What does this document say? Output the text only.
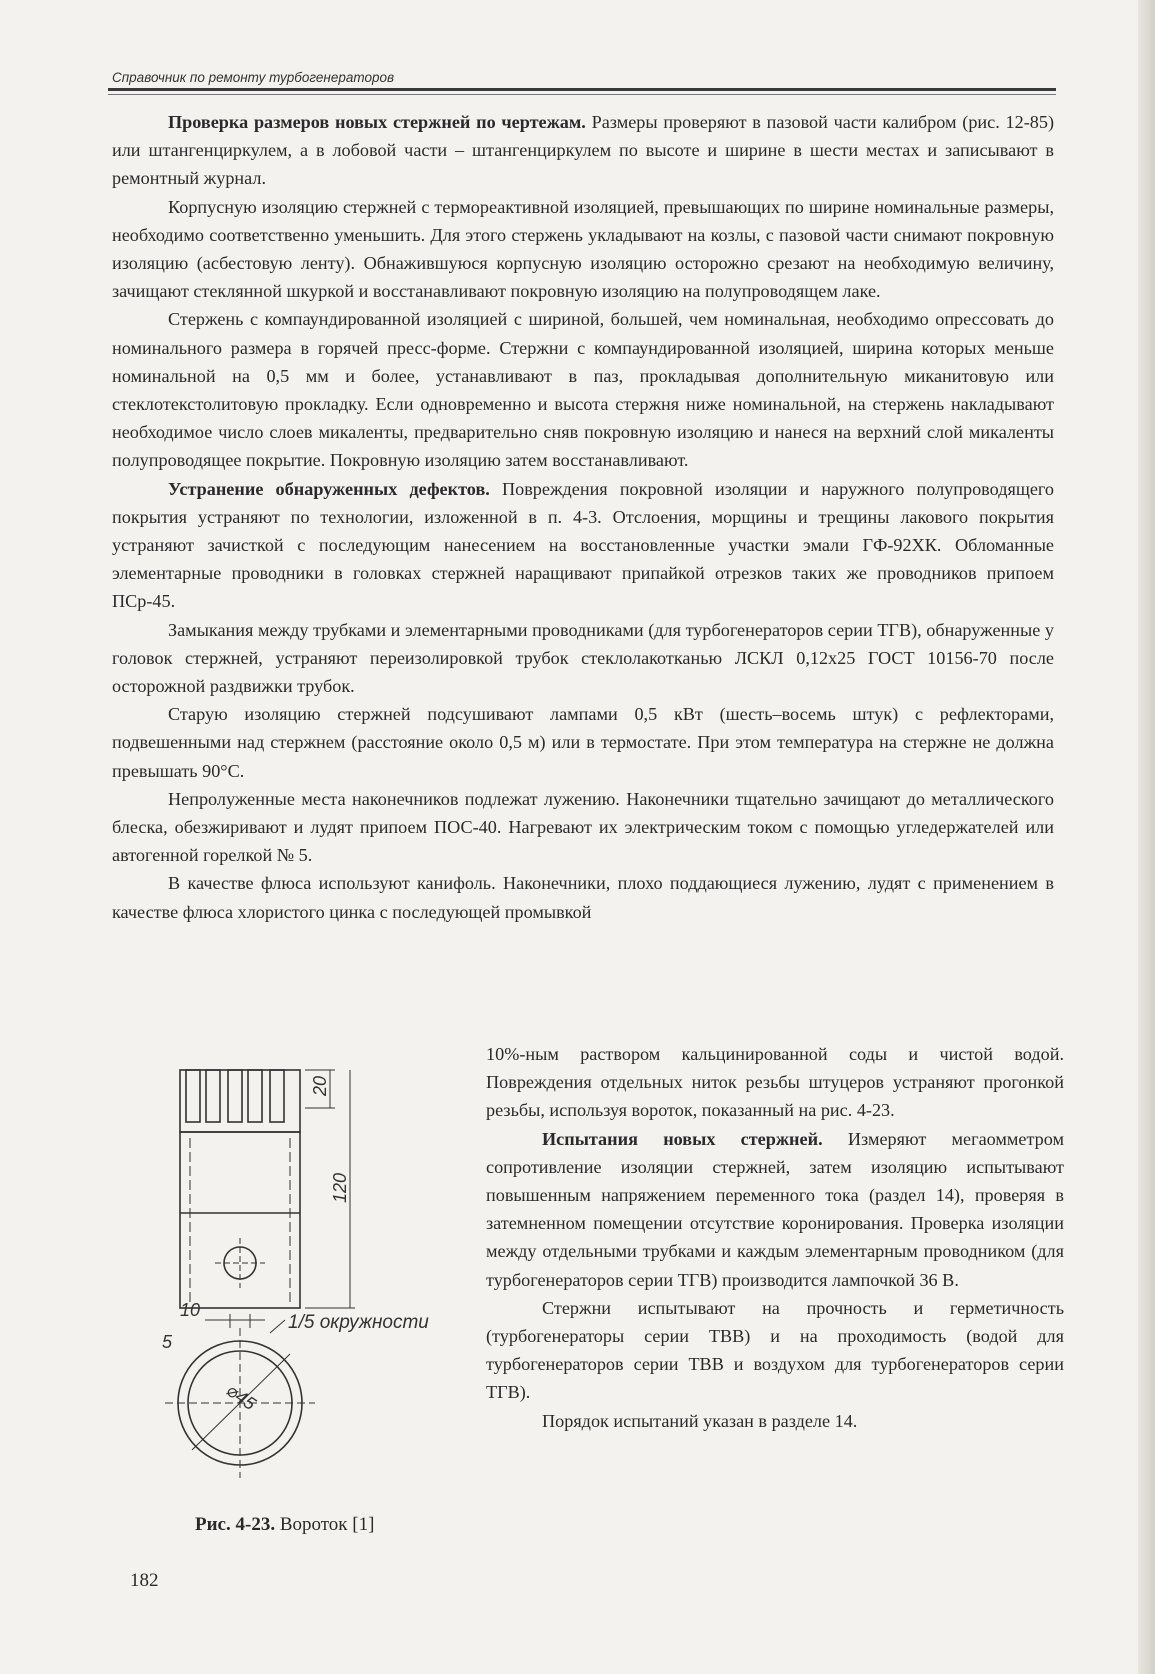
Справочник по ремонту турбогенераторов

Проверка размеров новых стержней по чертежам. Размеры проверяют в пазовой части калибром (рис. 12-85) или штангенциркулем, а в лобовой части – штангенциркулем по высоте и ширине в шести местах и записывают в ремонтный журнал.

Корпусную изоляцию стержней с термореактивной изоляцией, превышающих по ширине номинальные размеры, необходимо соответственно уменьшить. Для этого стержень укладывают на козлы, с пазовой части снимают покровную изоляцию (асбестовую ленту). Обнажившуюся корпусную изоляцию осторожно срезают на необходимую величину, зачищают стеклянной шкуркой и восстанавливают покровную изоляцию на полупроводящем лаке.

Стержень с компаундированной изоляцией с шириной, большей, чем номинальная, необходимо опрессовать до номинального размера в горячей пресс-форме. Стержни с компаундированной изоляцией, ширина которых меньше номинальной на 0,5 мм и более, устанавливают в паз, прокладывая дополнительную миканитовую или стеклотекстолитовую прокладку. Если одновременно и высота стержня ниже номинальной, на стержень накладывают необходимое число слоев микаленты, предварительно сняв покровную изоляцию и нанеся на верхний слой микаленты полупроводящее покрытие. Покровную изоляцию затем восстанавливают.

Устранение обнаруженных дефектов. Повреждения покровной изоляции и наружного полупроводящего покрытия устраняют по технологии, изложенной в п. 4-3. Отслоения, морщины и трещины лакового покрытия устраняют зачисткой с последующим нанесением на восстановленные участки эмали ГФ-92ХК. Обломанные элементарные проводники в головках стержней наращивают припайкой отрезков таких же проводников припоем ПСр-45.

Замыкания между трубками и элементарными проводниками (для турбогенераторов серии ТГВ), обнаруженные у головок стержней, устраняют переизолировкой трубок стеклолакотканью ЛСКЛ 0,12х25 ГОСТ 10156-70 после осторожной раздвижки трубок.

Старую изоляцию стержней подсушивают лампами 0,5 кВт (шесть–восемь штук) с рефлекторами, подвешенными над стержнем (расстояние около 0,5 м) или в термостате. При этом температура на стержне не должна превышать 90°С.

Непролуженные места наконечников подлежат лужению. Наконечники тщательно зачищают до металлического блеска, обезжиривают и лудят припоем ПОС-40. Нагревают их электрическим током с помощью угледержателей или автогенной горелкой № 5.

В качестве флюса используют канифоль. Наконечники, плохо поддающиеся лужению, лудят с применением в качестве флюса хлористого цинка с последующей промывкой

10%-ным раствором кальцинированной соды и чистой водой. Повреждения отдельных ниток резьбы штуцеров устраняют прогонкой резьбы, используя вороток, показанный на рис. 4-23.

Испытания новых стержней. Измеряют мегаомметром сопротивление изоляции стержней, затем изоляцию испытывают повышенным напряжением переменного тока (раздел 14), проверяя в затемненном помещении отсутствие коронирования. Проверка изоляции между отдельными трубками и каждым элементарным проводником (для турбогенераторов серии ТГВ) производится лампочкой 36 В.

Стержни испытывают на прочность и герметичность (турбогенераторы серии ТВВ) и на проходимость (водой для турбогенераторов серии ТВВ и воздухом для турбогенераторов серии ТГВ).

Порядок испытаний указан в разделе 14.

20
120
10
5
⌀45
1/5 окружности
Рис. 4-23. Вороток [1]
182
